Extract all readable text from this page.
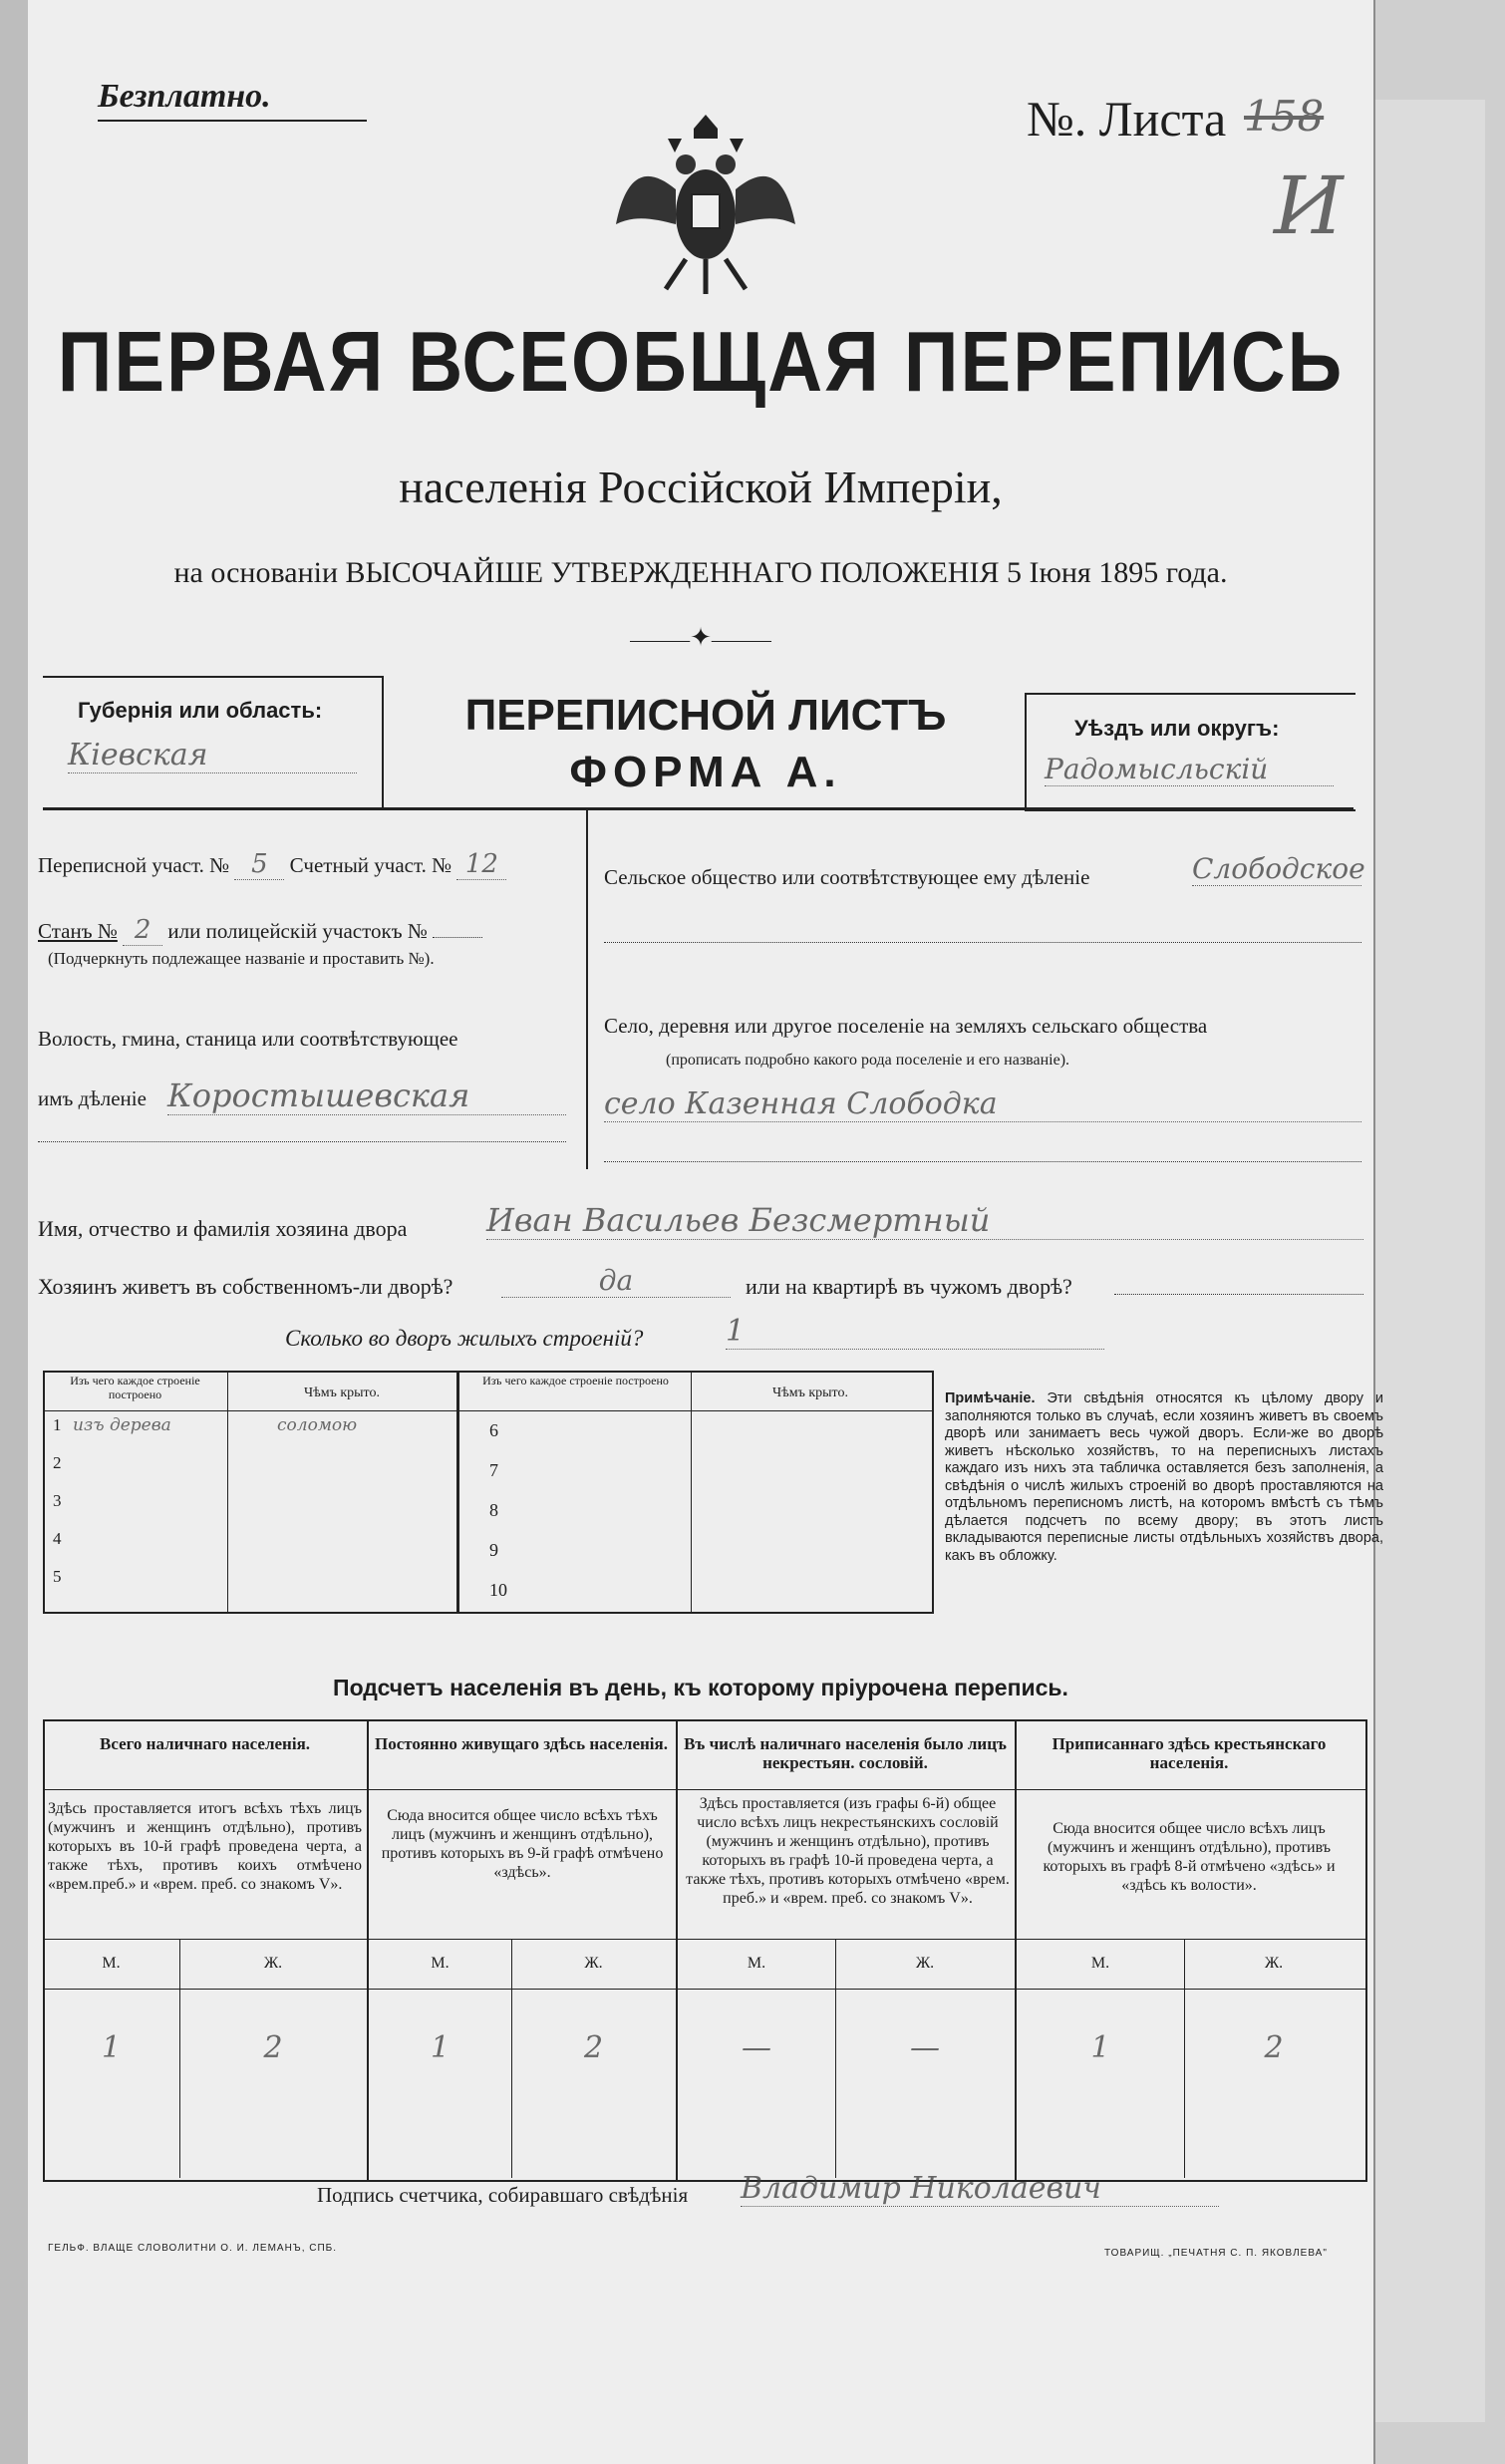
Безплатно.	№. Листа 158
И
ПЕРВАЯ ВСЕОБЩАЯ ПЕРЕПИСЬ
населенія Россійской Имперіи,
на основаніи ВЫСОЧАЙШЕ УТВЕРЖДЕННАГО ПОЛОЖЕНІЯ 5 Іюня 1895 года.
———✦———
Губернія или область:
Кіевская
ПЕРЕПИСНОЙ ЛИСТЪ
ФОРМА А.
Уѣздъ или округъ:
Радомысльскій
Переписной участ. № 5 Счетный участ. № 12
Станъ № 2 или полицейскій участокъ №
(Подчеркнуть подлежащее названіе и проставить №).
Волость, гмина, станица или соотвѣтствующее
имъ дѣленіе Коростышевская
Сельское общество или соотвѣтствующее ему дѣленіе	Слободское
Село, деревня или другое поселеніе на земляхъ сельскаго общества
(прописать подробно какого рода поселеніе и его названіе).
село Казенная Слободка
Имя, отчество и фамилія хозяина двора Иван Васильев Безсмертный
Хозяинъ живетъ въ собственномъ-ли дворѣ?	да	или на квартирѣ въ чужомъ дворѣ?
Сколько во дворъ жилыхъ строеній?	1
Изъ чего каждое строеніе построено	Чѣмъ крыто.
Изъ чего каждое строеніе построено
Чѣмъ крыто.
1 изъ дерева	соломою
2
3
4
5
6
7
8
9
10
Примѣчаніе. Эти свѣдѣнія относятся къ цѣлому двору и заполняются только въ случаѣ, если хозяинъ живетъ въ своемъ дворѣ или занимаетъ весь чужой дворъ. Если-же во дворѣ живетъ нѣсколько хозяйствъ, то на переписныхъ листахъ каждаго изъ нихъ эта табличка оставляется безъ заполненія, а свѣдѣнія о числѣ жилыхъ строеній во дворѣ проставляются на отдѣльномъ переписномъ листѣ, на которомъ вмѣстѣ съ тѣмъ дѣлается подсчетъ по всему двору; въ этотъ листъ вкладываются переписные листы отдѣльныхъ хозяйствъ двора, какъ въ обложку.
Подсчетъ населенія въ день, къ которому пріурочена перепись.
Всего наличнаго населенія.
Здѣсь проставляется итогъ всѣхъ тѣхъ лицъ (мужчинъ и женщинъ отдѣльно), противъ которыхъ въ 10-й графѣ проведена черта, а также тѣхъ, противъ коихъ отмѣчено «врем.преб.» и «врем. преб. со знакомъ V».
М.	Ж.
1	2
Постоянно живущаго здѣсь населенія.
Сюда вносится общее число всѣхъ тѣхъ лицъ (мужчинъ и женщинъ отдѣльно), противъ которыхъ въ 9-й графѣ отмѣчено «здѣсь».
М.	Ж.
1	2
Въ числѣ наличнаго населенія было лицъ некрестьян. сословій.
Здѣсь проставляется (изъ графы 6-й) общее число всѣхъ лицъ некрестьянскихъ сословій (мужчинъ и женщинъ отдѣльно), противъ которыхъ въ графѣ 10-й проведена черта, а также тѣхъ, противъ которыхъ отмѣчено «врем. преб.» и «врем. преб. со знакомъ V».
М.	Ж.
—	—
Приписаннаго здѣсь крестьянскаго населенія.
Сюда вносится общее число всѣхъ лицъ (мужчинъ и женщинъ отдѣльно), противъ которыхъ въ графѣ 8-й отмѣчено «здѣсь» и «здѣсь къ волости».
М.	Ж.
1	2
Подпись счетчика, собиравшаго свѣдѣнія Владимир Николаевич
ГЕЛЬФ. ВЛАЩЕ СЛОВОЛИТНИ О. И. ЛЕМАНЪ, СПБ.	ТОВАРИЩ. „ПЕЧАТНЯ С. П. ЯКОВЛЕВА"
